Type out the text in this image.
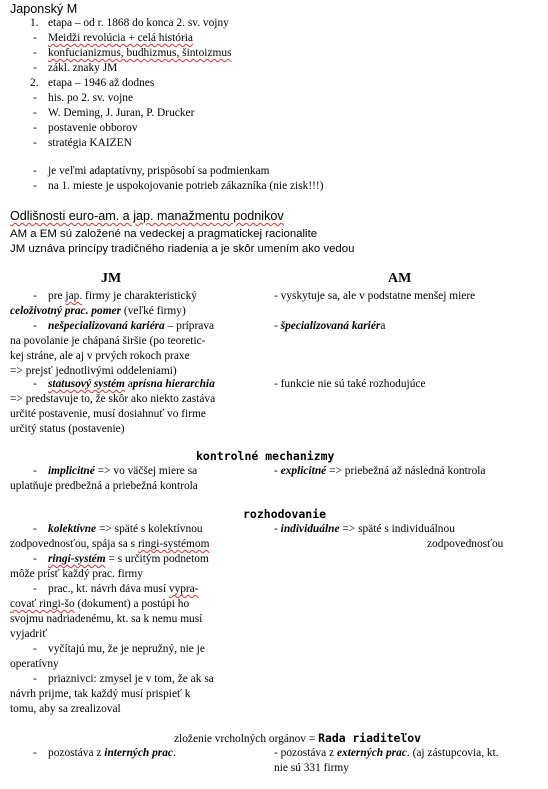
Japonský M
1. etapa – od r. 1868 do konca 2. sv. vojny
- Meidži revolúcia + celá história
- konfucianizmus, budhizmus, šintoizmus
- zákl. znaky JM
2. etapa – 1946 až dodnes
- his. po 2. sv. vojne
- W. Deming, J. Juran, P. Drucker
- postavenie obborov
- stratégia KAIZEN
- je veľmi adaptatívny, prispôsobí sa podmienkam
- na 1. mieste je uspokojovanie potrieb zákazníka (nie zisk!!!)
Odlišnosti euro-am. a jap. manažmentu podnikov
AM a EM sú založené na vedeckej a pragmatickej racionalite
JM uznáva princípy tradičného riadenia a je skôr umením ako vedou
JM	AM
- pre jap. firmy je charakteristický
celoživotný prac. pomer (veľké firmy)
- vyskytuje sa, ale v podstatne menšej miere
- nešpecializovaná kariéra – príprava
na povolanie je chápaná širšie (po teoretic-
kej stráne, ale aj v prvých rokoch praxe
=> prejsť jednotlivými oddeleniami)
- špecializovaná kariéra
- statusový systém aprísna hierarchia
=> predstavuje to, že skôr ako niekto zastáva
určité postavenie, musí dosiahnuť vo firme
určitý status (postavenie)
- funkcie nie sú také rozhodujúce
kontrolné mechanizmy
- implicitné => vo väčšej miere sa
uplatňuje predbežná a priebežná kontrola
- explicitné => priebežná až následná kontrola
rozhodovanie
- kolektívne => späté s kolektívnou
zodpovednosťou, spája sa s ringi-systémom
- individuálne => späté s individuálnou
zodpovednosťou
- ringi-systém = s určitým podnetom
môže prísť každý prac. firmy
- prac., kt. návrh dáva musí vypra-
covať ringi-šo (dokument) a postúpi ho
svojmu nadriadenému, kt. sa k nemu musí
vyjadriť
- vyčítajú mu, že je nepružný, nie je
operatívny
- priaznivci: zmysel je v tom, že ak sa
návrh prijme, tak každý musí prispieť k
tomu, aby sa zrealizoval
zloženie vrcholných orgánov = Rada riaditeľov
- pozostáva z interných prac.	- pozostáva z externých prac. (aj zástupcovia, kt.
nie sú 331 firmy
